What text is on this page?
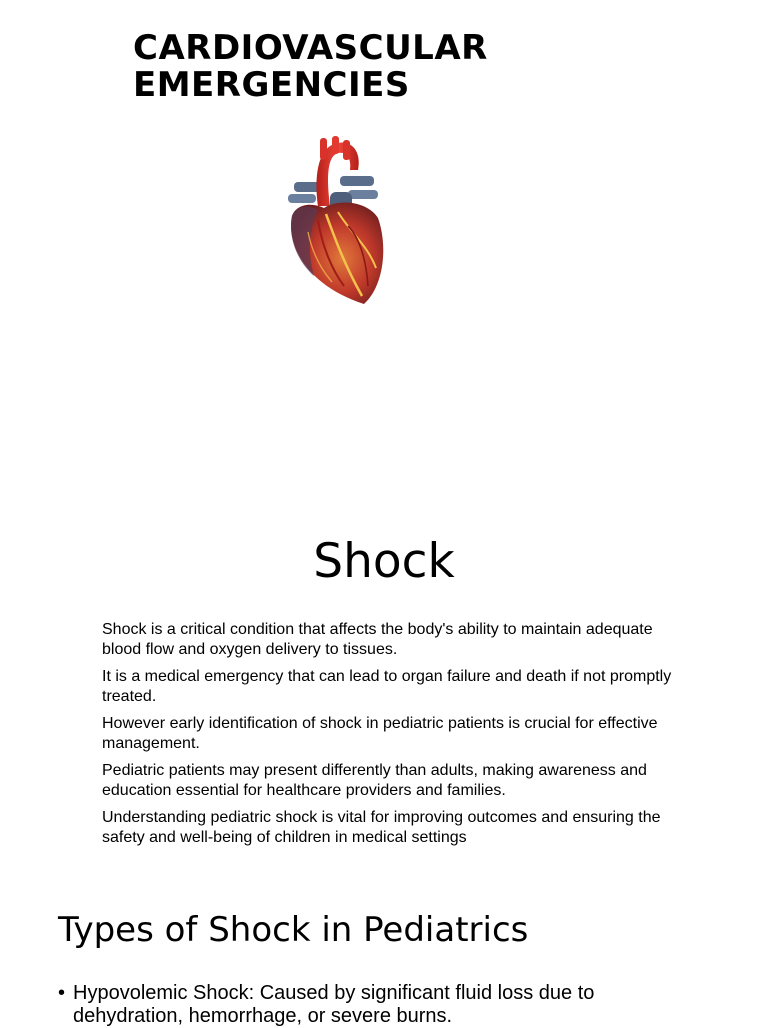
CARDIOVASCULAR
EMERGENCIES
Shock

Shock is a critical condition that affects the body's ability to maintain adequate blood flow and oxygen delivery to tissues.

It is a medical emergency that can lead to organ failure and death if not promptly treated.

However early identification of shock in pediatric patients is crucial for effective management.

Pediatric patients may present differently than adults, making awareness and education essential for healthcare providers and families.

Understanding pediatric shock is vital for improving outcomes and ensuring the safety and well-being of children in medical settings

Types of Shock in Pediatrics
• Hypovolemic Shock: Caused by significant fluid loss due to dehydration, hemorrhage, or severe burns.
